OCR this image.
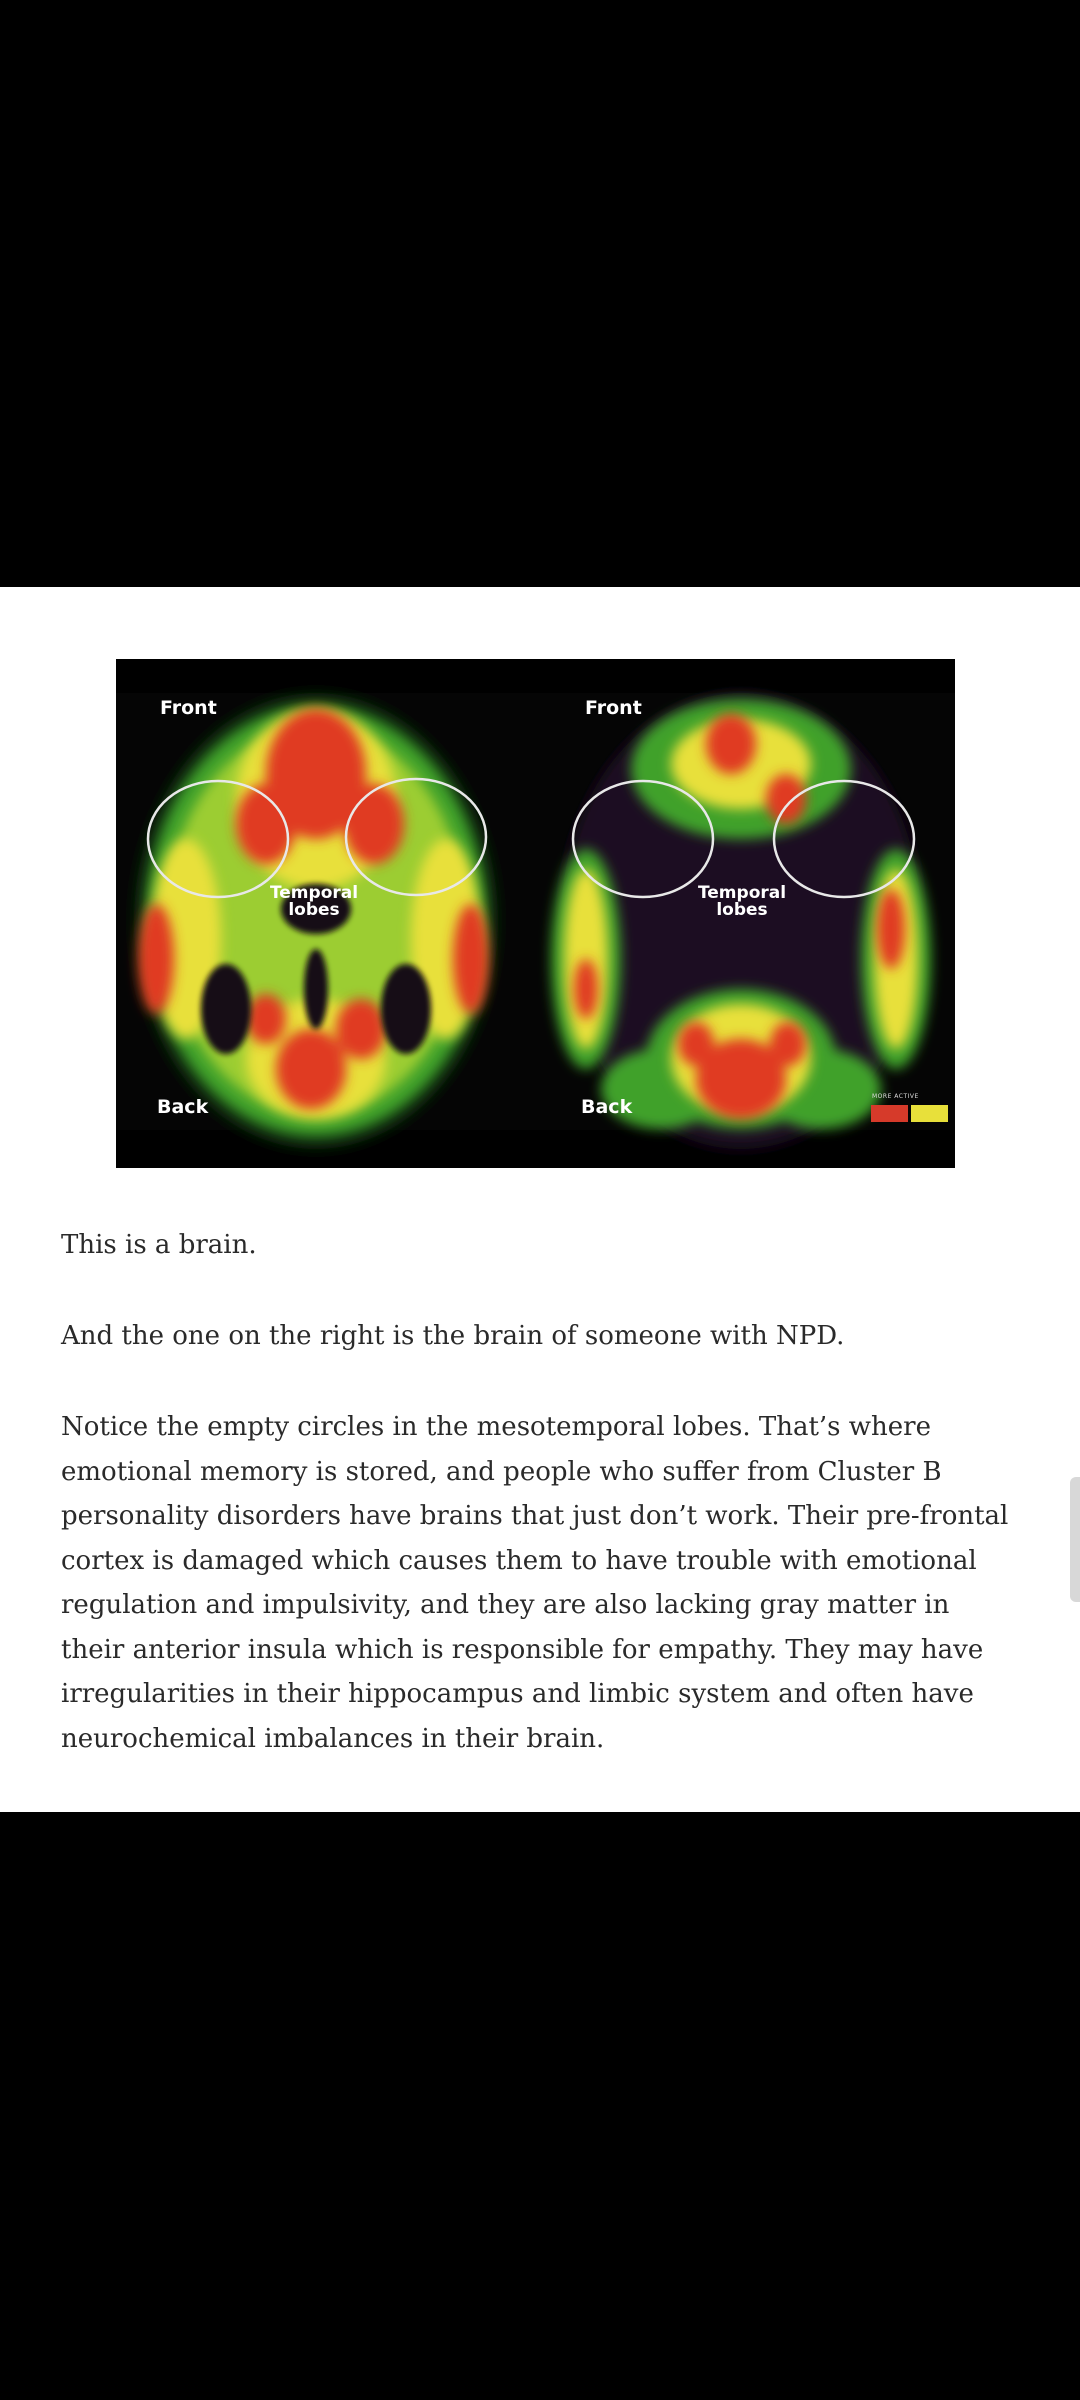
Front
Back
Temporal
lobes
Front
Back
Temporal
lobes
MORE ACTIVE

This is a brain.

And the one on the right is the brain of someone with NPD.

Notice the empty circles in the mesotemporal lobes. That’s where emotional memory is stored, and people who suffer from Cluster B personality disorders have brains that just don’t work. Their pre-frontal cortex is damaged which causes them to have trouble with emotional regulation and impulsivity, and they are also lacking gray matter in their anterior insula which is responsible for empathy. They may have irregularities in their hippocampus and limbic system and often have neurochemical imbalances in their brain.
